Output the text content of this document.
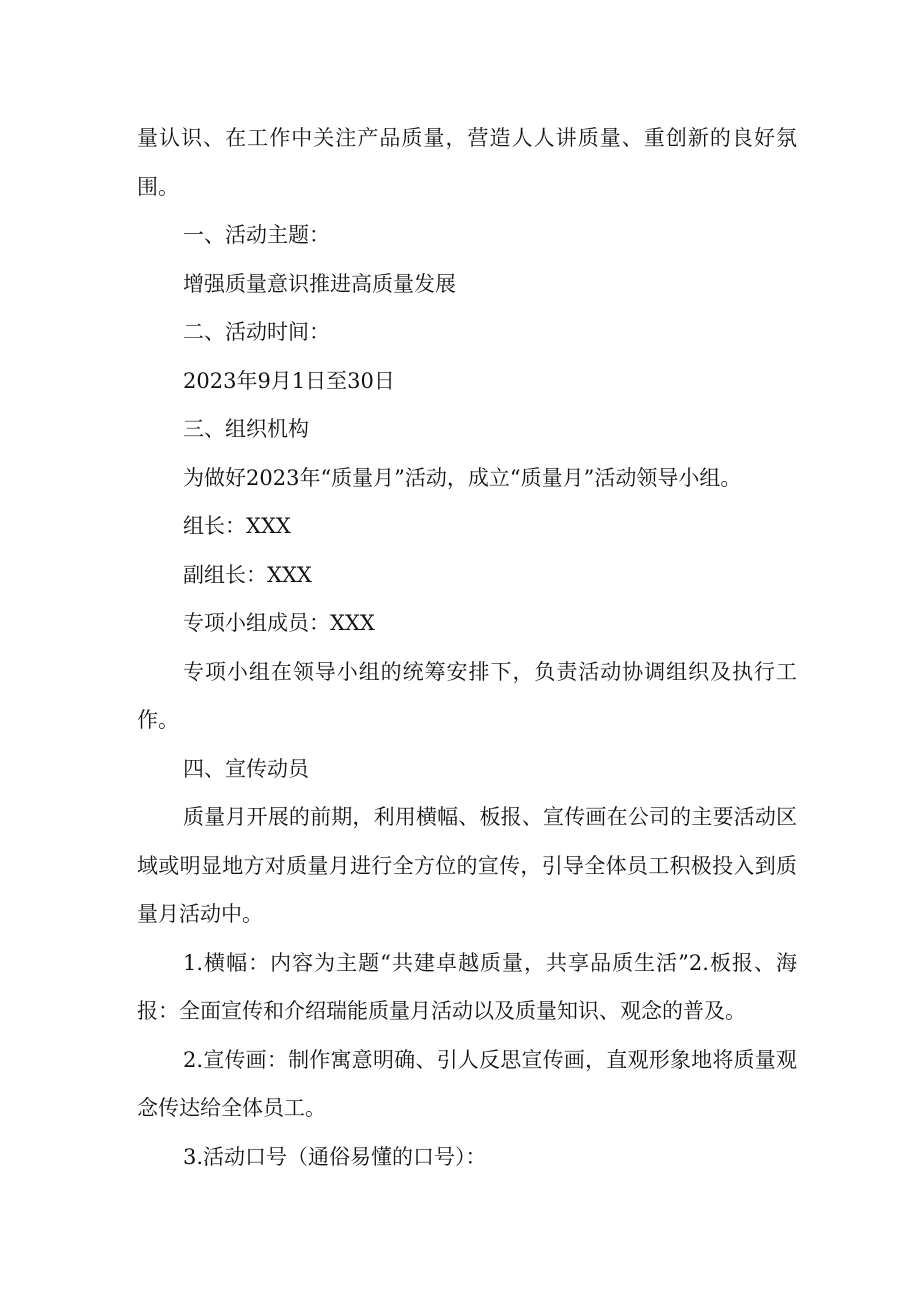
量认识、在工作中关注产品质量，营造人人讲质量、重创新的良好氛围。

一、活动主题：

增强质量意识推进高质量发展

二、活动时间：

2023年9月1日至30日

三、组织机构

为做好2023年“质量月”活动，成立“质量月”活动领导小组。

组长：XXX

副组长：XXX

专项小组成员：XXX

专项小组在领导小组的统筹安排下，负责活动协调组织及执行工作。

四、宣传动员

质量月开展的前期，利用横幅、板报、宣传画在公司的主要活动区域或明显地方对质量月进行全方位的宣传，引导全体员工积极投入到质量月活动中。

1.横幅：内容为主题“共建卓越质量，共享品质生活”2.板报、海报：全面宣传和介绍瑞能质量月活动以及质量知识、观念的普及。

2.宣传画：制作寓意明确、引人反思宣传画，直观形象地将质量观念传达给全体员工。

3.活动口号（通俗易懂的口号）：
